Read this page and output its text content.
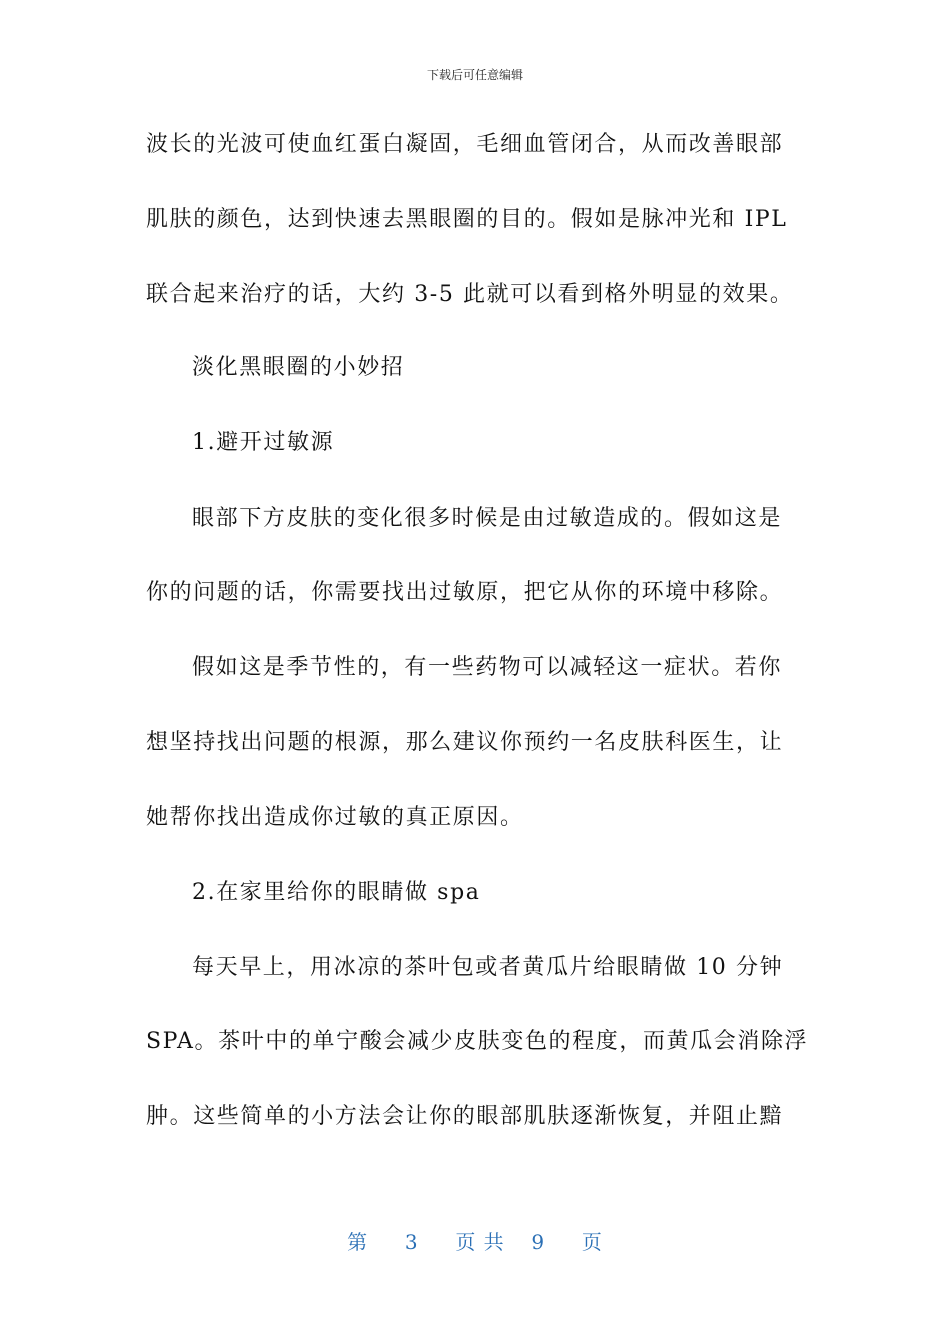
下载后可任意编辑
波长的光波可使血红蛋白凝固，毛细血管闭合，从而改善眼部
肌肤的颜色，达到快速去黑眼圈的目的。假如是脉冲光和 IPL
联合起来治疗的话，大约 3-5 此就可以看到格外明显的效果。
淡化黑眼圈的小妙招
1.避开过敏源
眼部下方皮肤的变化很多时候是由过敏造成的。假如这是
你的问题的话，你需要找出过敏原，把它从你的环境中移除。
假如这是季节性的，有一些药物可以减轻这一症状。若你
想坚持找出问题的根源，那么建议你预约一名皮肤科医生，让
她帮你找出造成你过敏的真正原因。
2.在家里给你的眼睛做 spa
每天早上，用冰凉的茶叶包或者黄瓜片给眼睛做 10 分钟
SPA。茶叶中的单宁酸会减少皮肤变色的程度，而黄瓜会消除浮
肿。这些简单的小方法会让你的眼部肌肤逐渐恢复，并阻止黯
第 3 页 共 9 页
